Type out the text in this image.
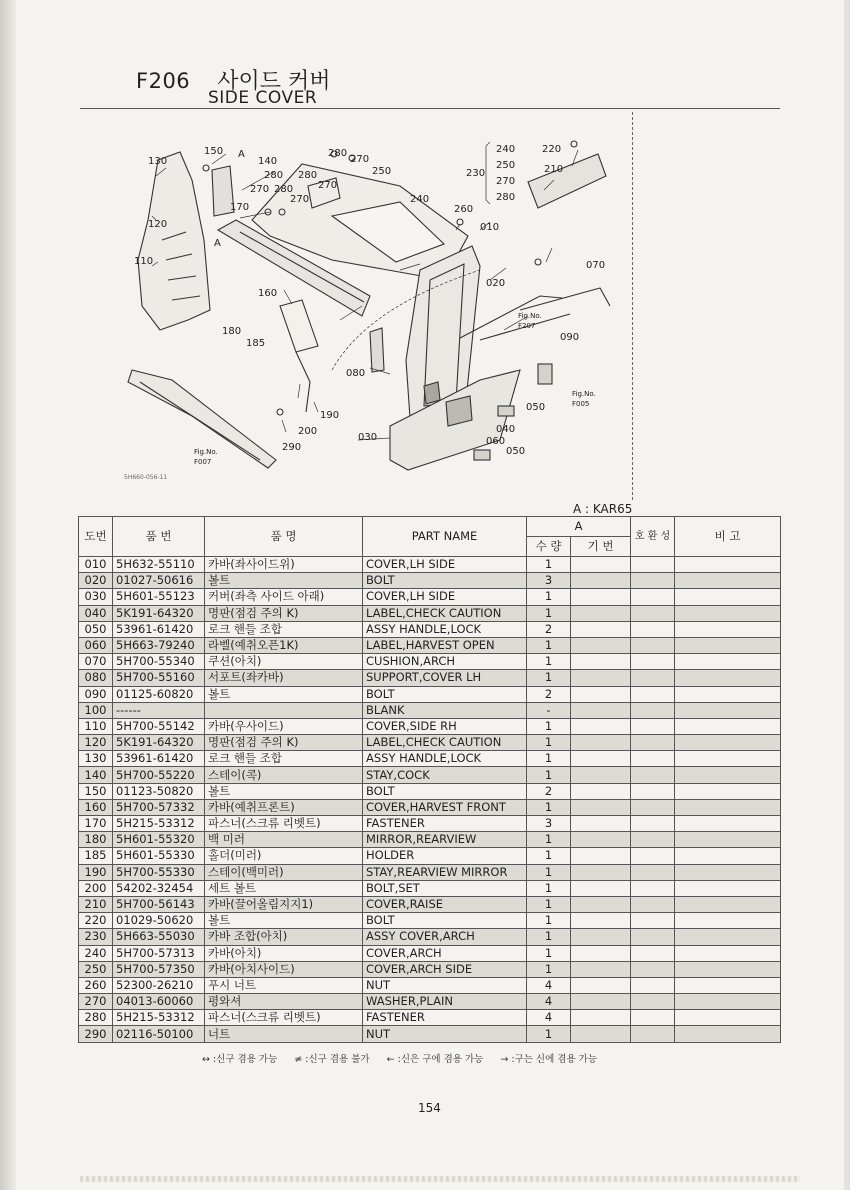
F206 사이드 커버
SIDE COVER
150
130
120
110
140
A
A
280
270
280 280
270
250
270 280
270
170
240
260
010
240
250
270
280
230
220
210
070
020
160
Fig.No.
F207
090
180
185
080
Fig.No.
F005
050
190
040
200
030	060
290	050
Fig.No.
F007
5H660-056-11
A : KAR65
도번	품 번	품 명	PART NAME	A		호 환 성	비 고
				수 량	기 번		
010	5H632-55110	카바(좌사이드위)	COVER,LH SIDE	1			
020	01027-50616	볼트	BOLT	3			
030	5H601-55123	커버(좌측 사이드 아래)	COVER,LH SIDE	1			
040	5K191-64320	명판(점검 주의 K)	LABEL,CHECK CAUTION	1			
050	53961-61420	로크 핸들 조합	ASSY HANDLE,LOCK	2			
060	5H663-79240	라벨(예취오픈1K)	LABEL,HARVEST OPEN	1			
070	5H700-55340	쿠션(아치)	CUSHION,ARCH	1			
080	5H700-55160	서포트(좌카바)	SUPPORT,COVER LH	1			
090	01125-60820	볼트	BOLT	2			
100	------		BLANK	-			
110	5H700-55142	카바(우사이드)	COVER,SIDE RH	1			
120	5K191-64320	명판(점검 주의 K)	LABEL,CHECK CAUTION	1			
130	53961-61420	로크 핸들 조합	ASSY HANDLE,LOCK	1			
140	5H700-55220	스테이(콕)	STAY,COCK	1			
150	01123-50820	볼트	BOLT	2			
160	5H700-57332	카바(예취프론트)	COVER,HARVEST FRONT	1			
170	5H215-53312	파스너(스크류 리벳트)	FASTENER	3			
180	5H601-55320	백 미러	MIRROR,REARVIEW	1			
185	5H601-55330	홀더(미러)	HOLDER	1			
190	5H700-55330	스테이(백미러)	STAY,REARVIEW MIRROR	1			
200	54202-32454	세트 볼트	BOLT,SET	1			
210	5H700-56143	카바(끌어올림지지1)	COVER,RAISE	1			
220	01029-50620	볼트	BOLT	1			
230	5H663-55030	카바 조합(아치)	ASSY COVER,ARCH	1			
240	5H700-57313	카바(아치)	COVER,ARCH	1			
250	5H700-57350	카바(아치사이드)	COVER,ARCH SIDE	1			
260	52300-26210	푸시 너트	NUT	4			
270	04013-60060	평와셔	WASHER,PLAIN	4			
280	5H215-53312	파스너(스크류 리벳트)	FASTENER	4			
290	02116-50100	너트	NUT	1			
↔ :신구 겸용 가능 ≠ :신구 겸용 불가 ← :신은 구에 겸용 가능 → :구는 신에 겸용 가능
154
